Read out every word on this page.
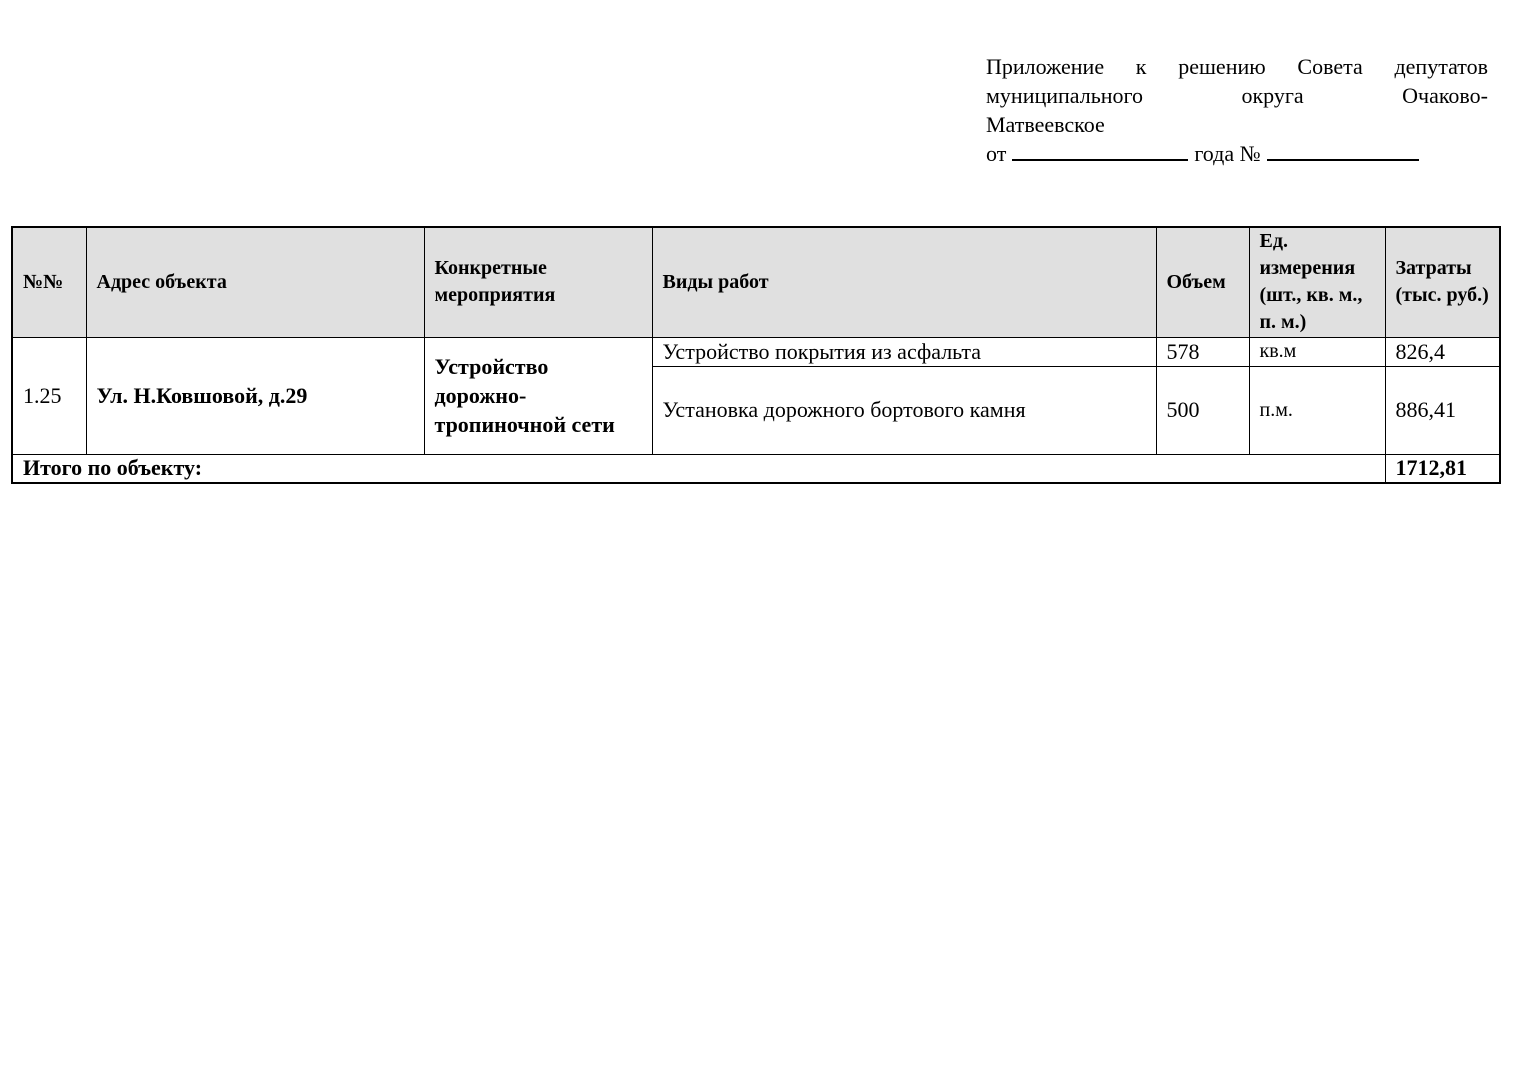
Приложение к решению Совета депутатов
муниципального	округа	Очаково-
Матвеевское
от	года №
№№	Адрес объекта	Конкретные мероприятия	Виды работ	Объем	Ед. измерения (шт., кв. м., п. м.)	Затраты (тыс. руб.)
1.25	Ул. Н.Ковшовой, д.29	Устройство дорожно-тропиночной сети	Устройство покрытия из асфальта	578	кв.м	826,4
			Установка дорожного бортового камня	500	п.м.	886,41
Итого по объекту:						1712,81
